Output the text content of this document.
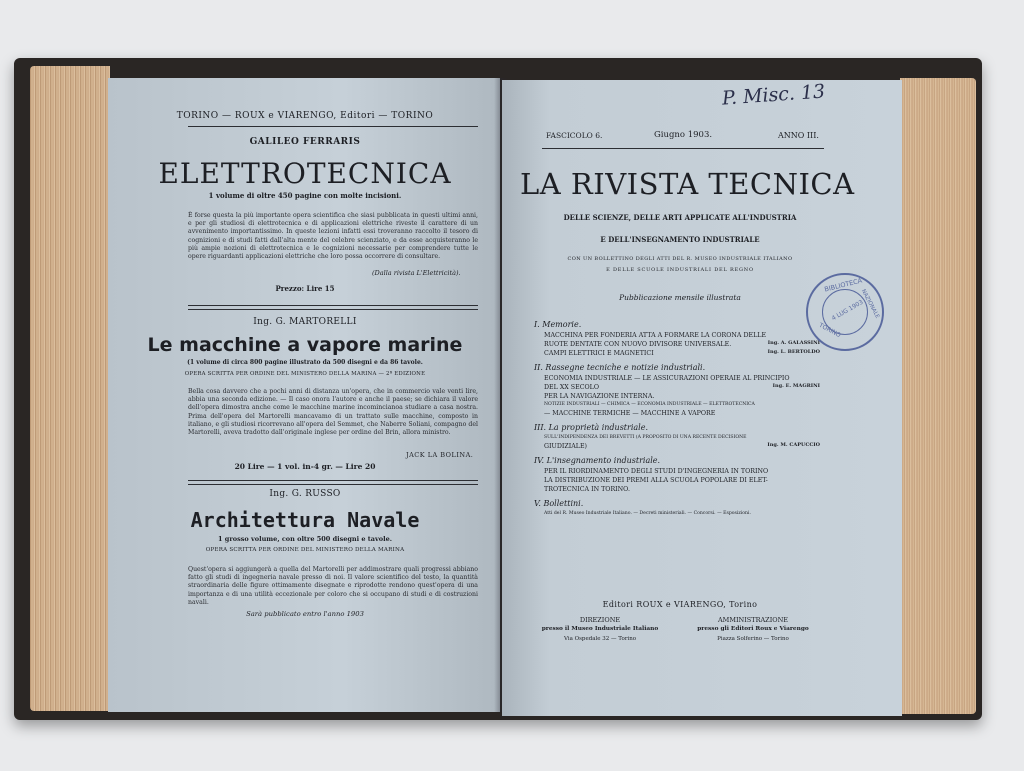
TORINO — ROUX e VIARENGO, Editori — TORINO
GALILEO FERRARIS
ELETTROTECNICA
1 volume di oltre 450 pagine con molte incisioni.
È forse questa la più importante opera scientifica che siasi pubblicata in questi ultimi anni, e per gli studiosi di elettrotecnica e di applicazioni elettriche riveste il carattere di un avvenimento importantissimo. In queste lezioni infatti essi troveranno raccolto il tesoro di cognizioni e di studi fatti dall'alta mente del celebre scienziato, e da esse acquisteranno le più ampie nozioni di elettrotecnica e le cognizioni necessarie per comprendere tutte le opere riguardanti applicazioni elettriche che loro possa occorrere di consultare.
(Dalla rivista L'Elettricità).
Prezzo: Lire 15
Ing. G. MARTORELLI
Le macchine a vapore marine
(1 volume di circa 800 pagine illustrato da 500 disegni e da 86 tavole.
OPERA SCRITTA PER ORDINE DEL MINISTERO DELLA MARINA — 2ª EDIZIONE
Bella cosa davvero che a pochi anni di distanza un'opera, che in commercio vale venti lire, abbia una seconda edizione. — Il caso onora l'autore e anche il paese; se dichiara il valore dell'opera dimostra anche come le macchine marine incomincianoa studiare a casa nostra. Prima dell'opera del Martorelli mancavamo di un trattato sulle macchine, composto in italiano, e gli studiosi ricorrevano all'opera del Semmet, che Naberre Soliani, compagno del Martorelli, aveva tradotto dall'originale inglese per ordine del Brin, allora ministro.
JACK LA BOLINA.
20 Lire — 1 vol. in-4 gr. — Lire 20
Ing. G. RUSSO
Architettura Navale
1 grosso volume, con oltre 500 disegni e tavole.
OPERA SCRITTA PER ORDINE DEL MINISTERO DELLA MARINA
Quest'opera si aggiungerà a quella del Martorelli per addimostrare quali progressi abbiano fatto gli studi di ingegneria navale presso di noi. Il valore scientifico del testo, la quantità straordinaria delle figure ottimamente disegnate e riprodotte rendono quest'opera di una importanza e di una utilità eccezionale per coloro che si occupano di studi e di costruzioni navali.
Sarà pubblicato entro l'anno 1903
P. Misc. 13
FASCICOLO 6.	Giugno 1903.	ANNO III.
LA RIVISTA TECNICA
DELLE SCIENZE, DELLE ARTI APPLICATE ALL'INDUSTRIA
E DELL'INSEGNAMENTO INDUSTRIALE
CON UN BOLLETTINO DEGLI ATTI DEL R. MUSEO INDUSTRIALE ITALIANO
E DELLE SCUOLE INDUSTRIALI DEL REGNO
Pubblicazione mensile illustrata
I. Memorie.
MACCHINA PER FONDERIA ATTA A FORMARE LA CORONA DELLE
RUOTE DENTATE CON NUOVO DIVISORE UNIVERSALE.	Ing. A. GALASSINI
CAMPI ELETTRICI E MAGNETICI	Ing. L. BERTOLDO
II. Rassegne tecniche e notizie industriali.
ECONOMIA INDUSTRIALE — LE ASSICURAZIONI OPERAIE AL PRINCIPIO
DEL XX SECOLO	Ing. E. MAGRINI
PER LA NAVIGAZIONE INTERNA.
NOTIZIE INDUSTRIALI — CHIMICA — ECONOMIA INDUSTRIALE — ELETTROTECNICA
— MACCHINE TERMICHE — MACCHINE A VAPORE
III. La proprietà industriale.
SULL'INDIPENDENZA DEI BREVETTI (A PROPOSITO DI UNA RECENTE DECISIONE
GIUDIZIALE)	Ing. M. CAPUCCIO
IV. L'insegnamento industriale.
PER IL RIORDINAMENTO DEGLI STUDI D'INGEGNERIA IN TORINO
LA DISTRIBUZIONE DEI PREMI ALLA SCUOLA POPOLARE DI ELET-
TROTECNICA IN TORINO.
V. Bollettini.
Atti del R. Museo Industriale Italiano. — Decreti ministeriali. — Concorsi. — Esposizioni.
Editori ROUX e VIARENGO, Torino
DIREZIONE
presso il Museo Industriale Italiano
Via Ospedale 32 — Torino
AMMINISTRAZIONE
presso gli Editori Roux e Viarengo
Piazza Solferino — Torino
BIBLIOTECA
NAZIONALE
4 LUG 1903
TORINO
